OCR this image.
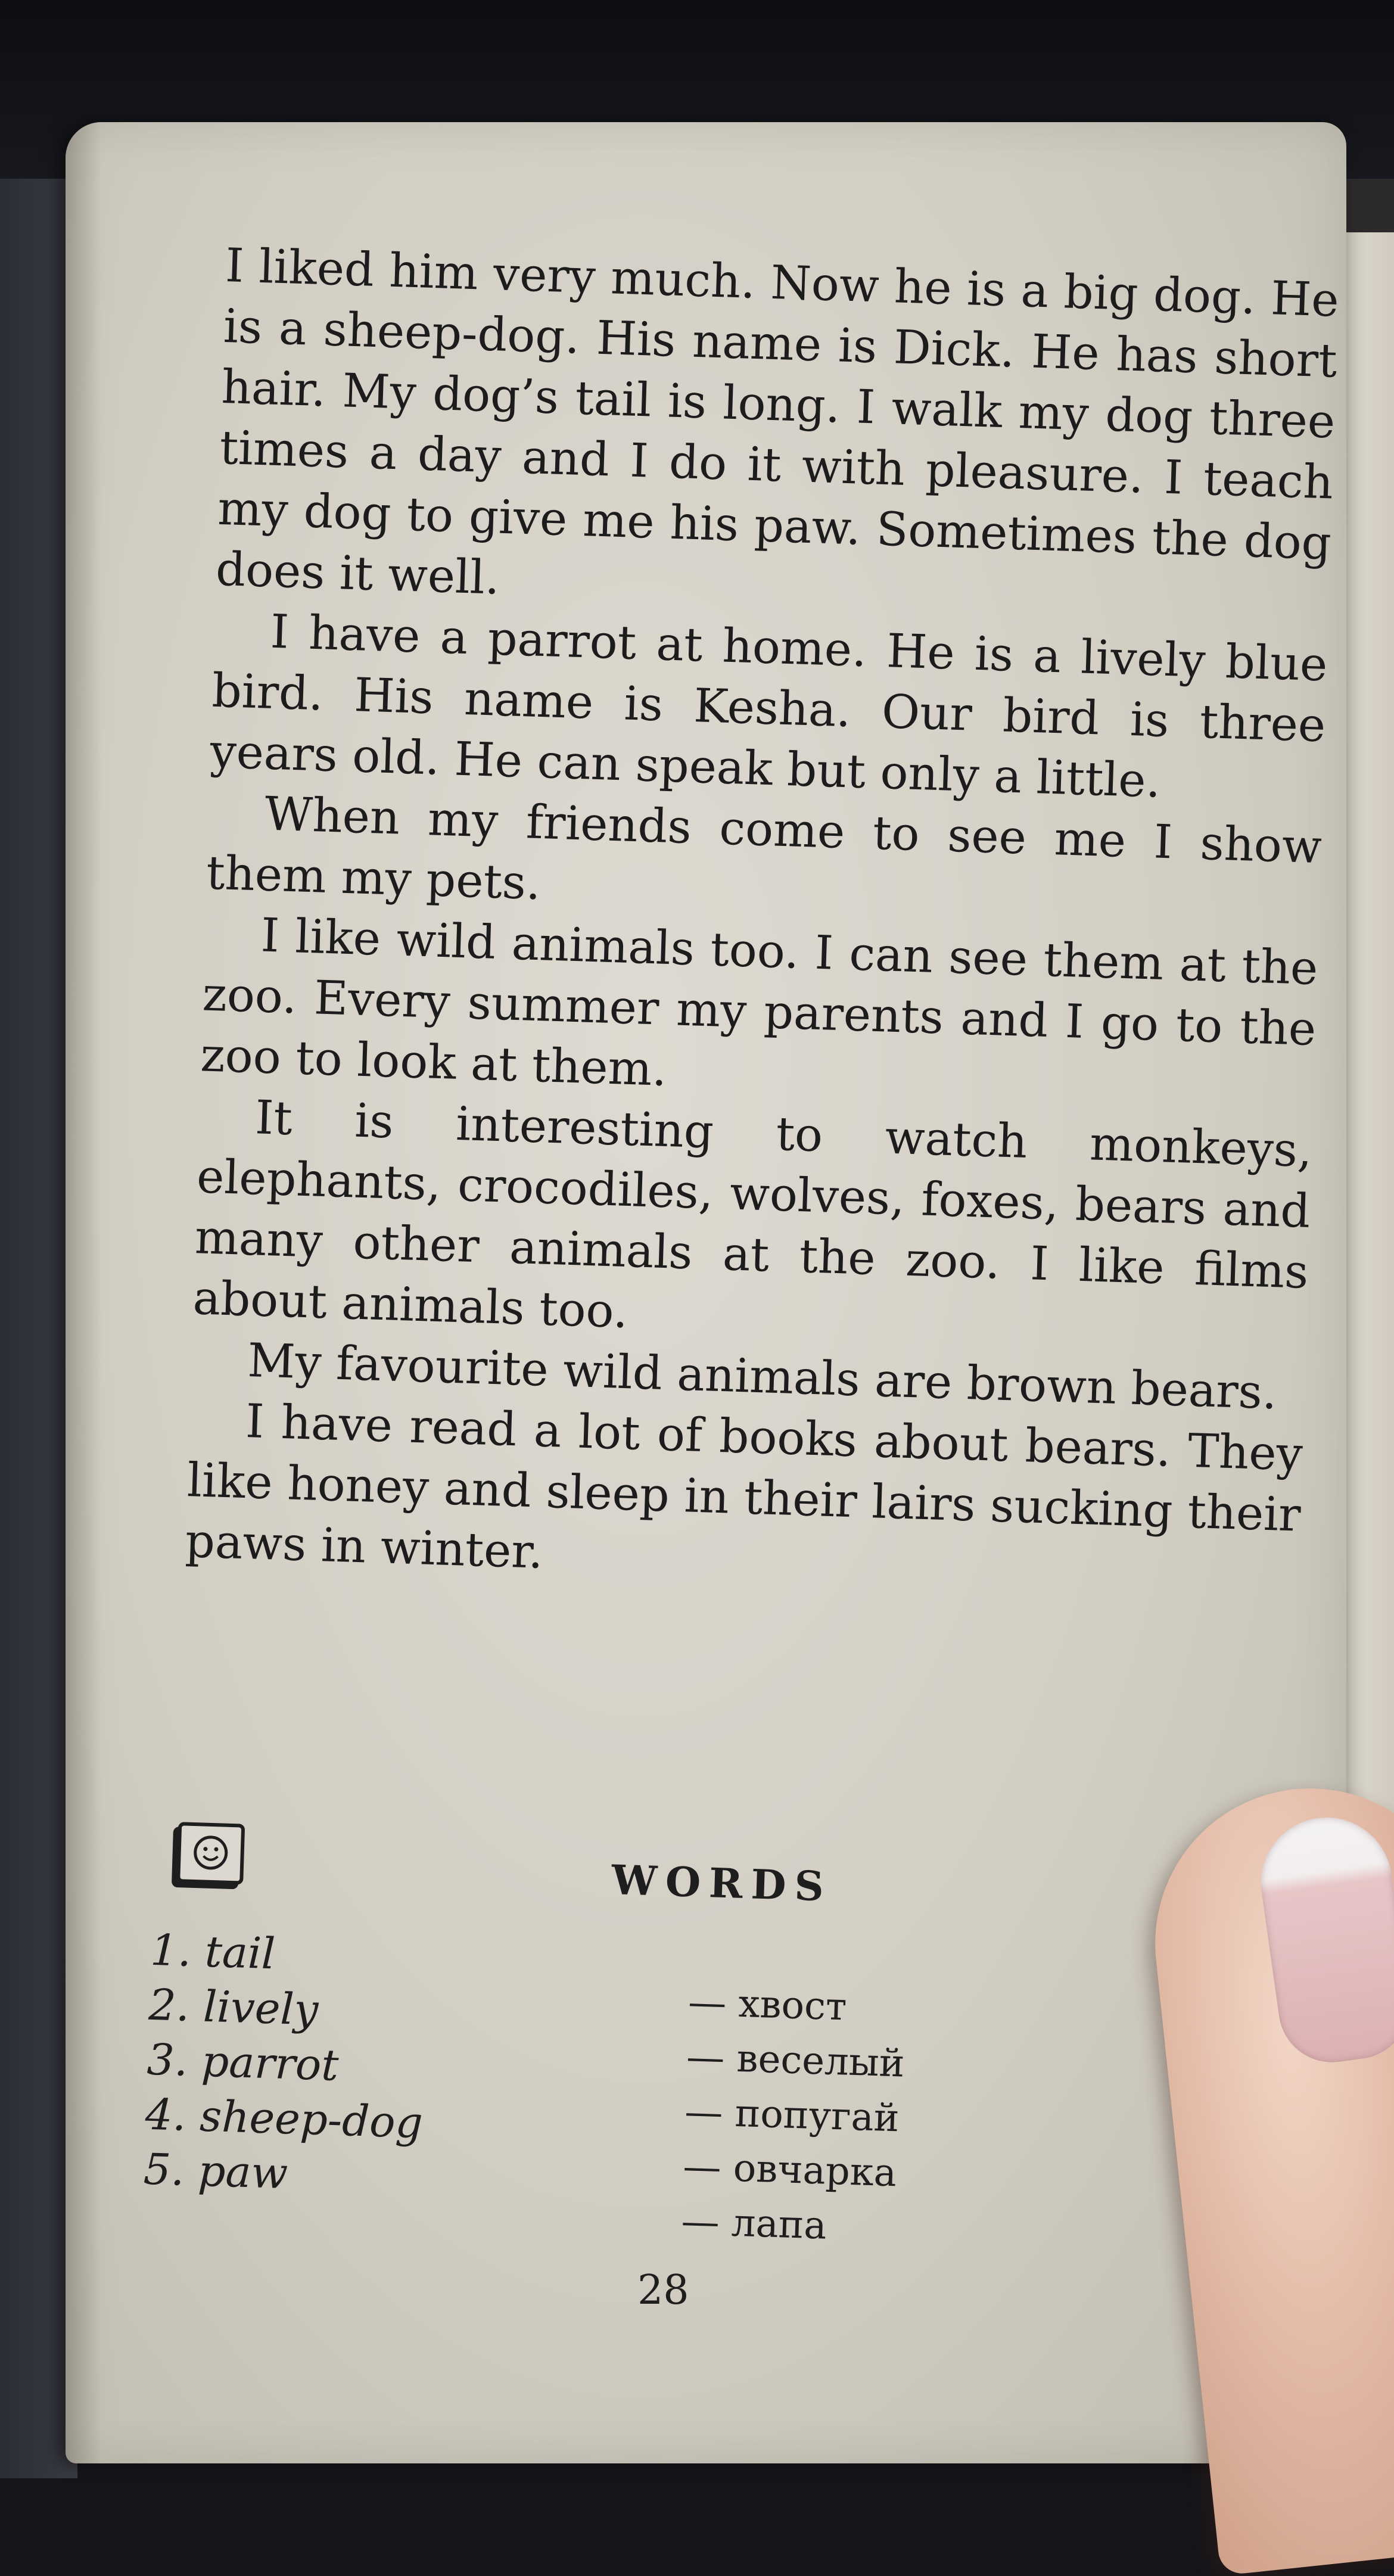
I liked him very much. Now he is a big dog. He is a sheep-dog. His name is Dick. He has short hair. My dog’s tail is long. I walk my dog three times a day and I do it with pleasure. I teach my dog to give me his paw. Sometimes the dog does it well.

I have a parrot at home. He is a lively blue bird. His name is Kesha. Our bird is three years old. He can speak but only a little.

When my friends come to see me I show them my pets.

I like wild animals too. I can see them at the zoo. Every summer my parents and I go to the zoo to look at them.

It is interesting to watch monkeys, elephants, crocodiles, wolves, foxes, bears and many other animals at the zoo. I like films about animals too.

My favourite wild animals are brown bears.

I have read a lot of books about bears. They like honey and sleep in their lairs sucking their paws in winter.

WORDS
1. tail
2. lively
3. parrot
4. sheep-dog
5. paw
— хвост
— веселый
— попугай
— овчарка
— лапа
28
